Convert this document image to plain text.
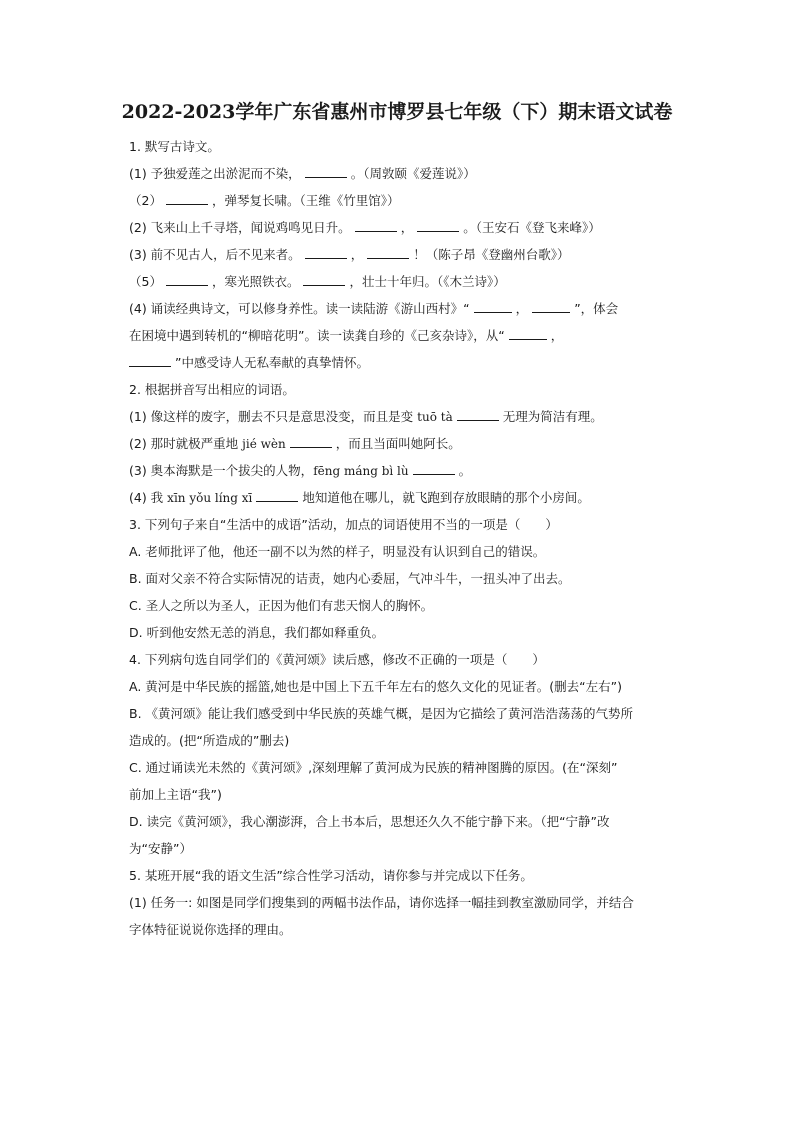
2022-2023学年广东省惠州市博罗县七年级（下）期末语文试卷
1. 默写古诗文。
(1) 予独爱莲之出淤泥而不染，	。（周敦颐《爱莲说》）
（2）	，弹琴复长啸。（王维《竹里馆》）
(2) 飞来山上千寻塔，闻说鸡鸣见日升。	，	。（王安石《登飞来峰》）
(3) 前不见古人，后不见来者。	，	！（陈子昂《登幽州台歌》）
（5）	，寒光照铁衣。	，壮士十年归。（《木兰诗》）
(4) 诵读经典诗文，可以修身养性。读一读陆游《游山西村》“	，	”，体会
在困境中遇到转机的“柳暗花明”。读一读龚自珍的《己亥杂诗》，从“	，
”中感受诗人无私奉献的真挚情怀。
2. 根据拼音写出相应的词语。
(1) 像这样的废字，删去不只是意思没变，而且是变 tuō tà	无理为简洁有理。
(2) 那时就极严重地 jié wèn	，而且当面叫她阿长。
(3) 奥本海默是一个拔尖的人物，fēng máng bì lù	。
(4) 我 xīn yǒu líng xī	地知道他在哪儿，就飞跑到存放眼睛的那个小房间。
3. 下列句子来自“生活中的成语”活动，加点的词语使用不当的一项是（　　）
A. 老师批评了他，他还一副不以为然的样子，明显没有认识到自己的错误。
B. 面对父亲不符合实际情况的诘责，她内心委屈，气冲斗牛，一扭头冲了出去。
C. 圣人之所以为圣人，正因为他们有悲天悯人的胸怀。
D. 听到他安然无恙的消息，我们都如释重负。
4. 下列病句选自同学们的《黄河颂》读后感，修改不正确的一项是（　　）
A. 黄河是中华民族的摇篮,她也是中国上下五千年左右的悠久文化的见证者。(删去“左右”)
B. 《黄河颂》能让我们感受到中华民族的英雄气概，是因为它描绘了黄河浩浩荡荡的气势所
造成的。(把“所造成的”删去)
C. 通过诵读光未然的《黄河颂》,深刻理解了黄河成为民族的精神图腾的原因。(在“深刻”
前加上主语“我”)
D. 读完《黄河颂》，我心潮澎湃，合上书本后，思想还久久不能宁静下来。（把“宁静”改
为“安静”）
5. 某班开展“我的语文生活”综合性学习活动，请你参与并完成以下任务。
(1) 任务一: 如图是同学们搜集到的两幅书法作品，请你选择一幅挂到教室激励同学，并结合
字体特征说说你选择的理由。
